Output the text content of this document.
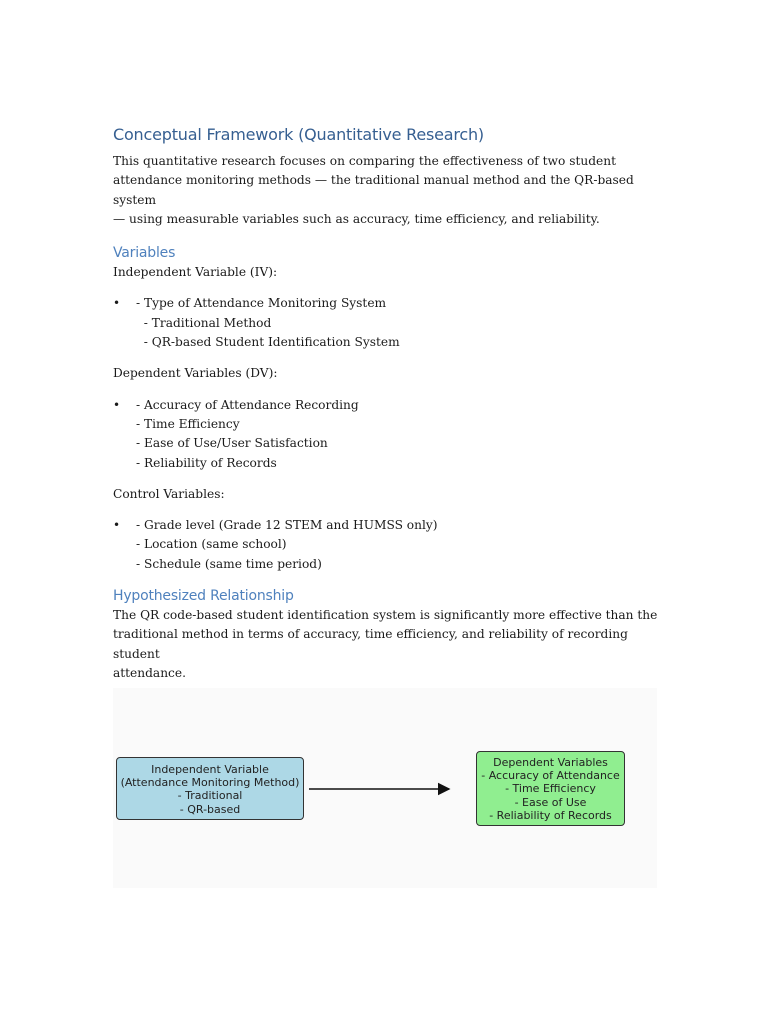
Conceptual Framework (Quantitative Research)

This quantitative research focuses on comparing the effectiveness of two student
attendance monitoring methods — the traditional manual method and the QR-based system
— using measurable variables such as accuracy, time efficiency, and reliability.

Variables

Independent Variable (IV):

• - Type of Attendance Monitoring System
- Traditional Method
- QR-based Student Identification System

Dependent Variables (DV):

• - Accuracy of Attendance Recording
- Time Efficiency
- Ease of Use/User Satisfaction
- Reliability of Records

Control Variables:

• - Grade level (Grade 12 STEM and HUMSS only)
- Location (same school)
- Schedule (same time period)
Hypothesized Relationship

The QR code-based student identification system is significantly more effective than the
traditional method in terms of accuracy, time efficiency, and reliability of recording student
attendance.

Independent Variable
(Attendance Monitoring Method)
- Traditional
- QR-based
Dependent Variables
- Accuracy of Attendance
- Time Efficiency
- Ease of Use
- Reliability of Records
